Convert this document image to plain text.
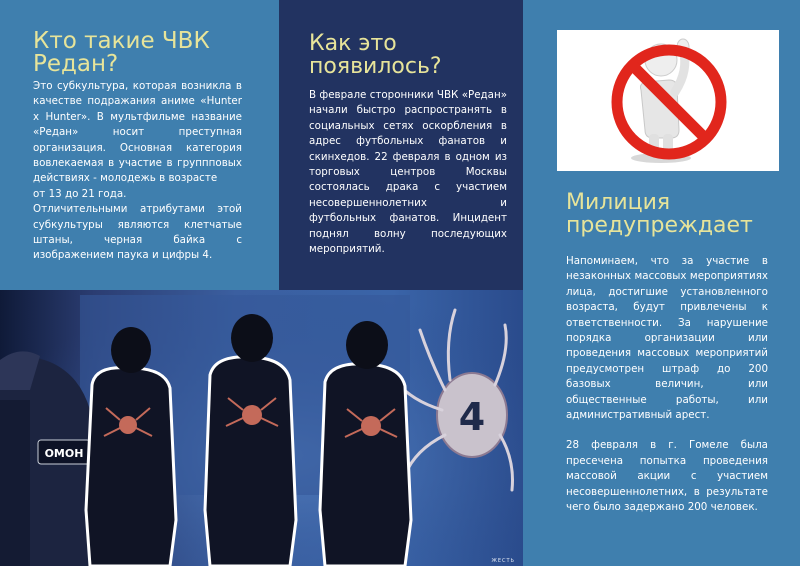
Кто такие ЧВК Редан?

Это субкультура, которая возникла в качестве подражания аниме «Hunter x Hunter». В мультфильме название «Редан» носит преступная организация. Основная категория вовлекаемая в участие в группповых действиях - молодежь в возрасте

от 13 до 21 года.

Отличительными атрибутами этой субкультуры являются клетчатые штаны, черная байка с изображением паука и цифры 4.

Как это появилось?

В феврале сторонники ЧВК «Редан» начали быстро распространять в социальных сетях оскорбления в адрес футбольных фанатов и скинхедов. 22 февраля в одном из торговых центров Москвы состоялась драка с участием несовершеннолетних и футбольных фанатов. Инцидент поднял волну последующих мероприятий.

Милиция предупреждает

Напоминаем, что за участие в незаконных массовых мероприятиях лица, достигшие установленного возраста, будут привлечены к ответственности. За нарушение порядка организации или проведения массовых мероприятий предусмотрен штраф до 200 базовых величин, или общественные работы, или административный арест.

28 февраля в г. Гомеле была пресечена попытка проведения массовой акции с участием несовершеннолетних, в результате чего было задержано 200 человек.

ОМОН
4
ЖЕСТЬ
